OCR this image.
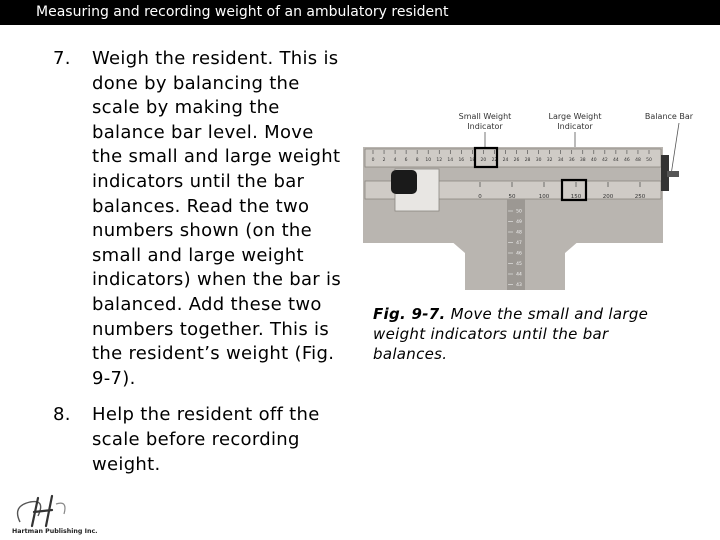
Measuring and recording weight of an ambulatory resident
7. Weigh the resident. This is done by balancing the scale by making the balance bar level. Move the small and large weight indicators until the bar balances. Read the two numbers shown (on the small and large weight indicators) when the bar is balanced. Add these two numbers together. This is the resident’s weight (Fig. 9-7).
8. Help the resident off the scale before recording weight.
Small Weight
Indicator
Large Weight
Indicator
Balance Bar
50
49
48
47
46
45
44
43
0 2 4 6 8 10 12 14 16 18 20 22 24 26 28 30 32 34 36 38 40 42 44 46 48 50
0	50	100	150	200	250
Fig. 9-7. Move the small and large weight indicators until the bar balances.
Hartman Publishing Inc.
